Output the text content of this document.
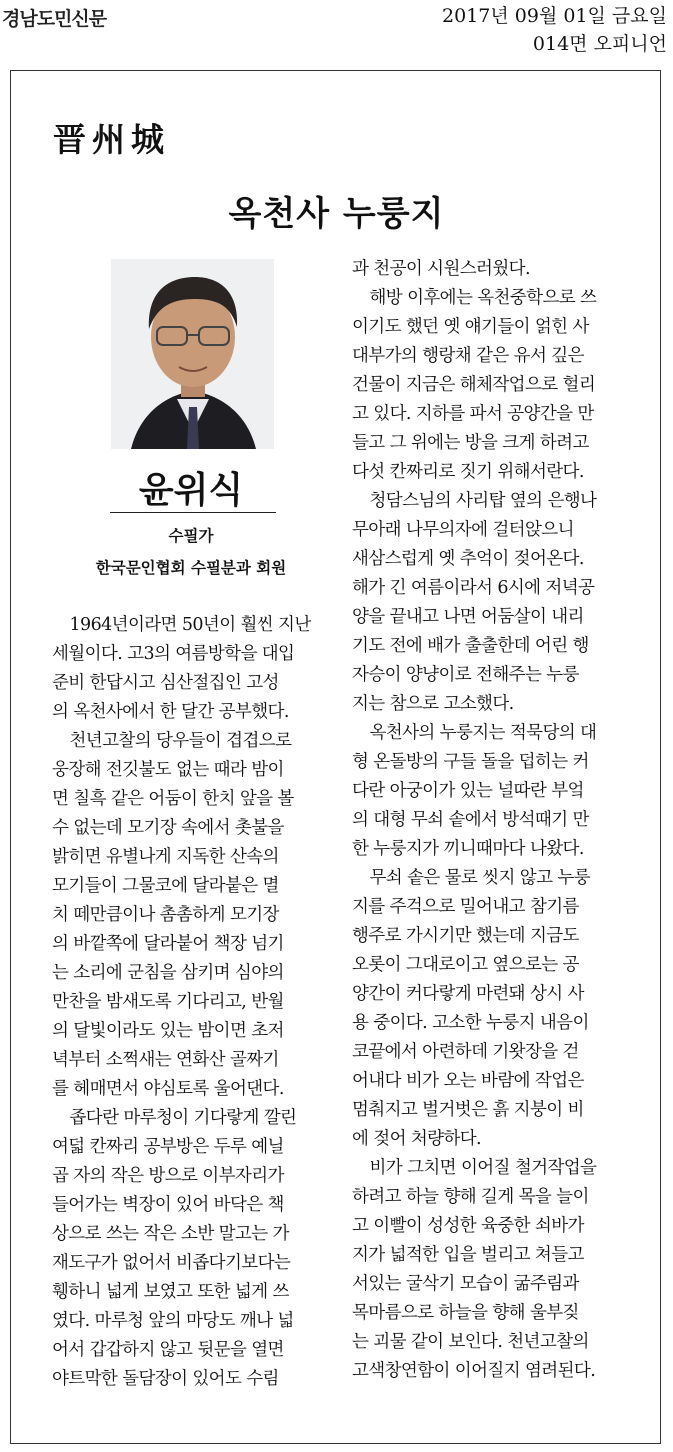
경남도민신문	2017년 09월 01일 금요일
014면 오피니언
晋州城
옥천사 누룽지
윤위식
수필가
한국문인협회 수필분과 회원

1964년이라면 50년이 훨씬 지난

세월이다. 고3의 여름방학을 대입

준비 한답시고 심산절집인 고성

의 옥천사에서 한 달간 공부했다.

천년고찰의 당우들이 겹겹으로

웅장해 전깃불도 없는 때라 밤이

면 칠흑 같은 어둠이 한치 앞을 볼

수 없는데 모기장 속에서 촛불을

밝히면 유별나게 지독한 산속의

모기들이 그물코에 달라붙은 멸

치 떼만큼이나 촘촘하게 모기장

의 바깥쪽에 달라붙어 책장 넘기

는 소리에 군침을 삼키며 심야의

만찬을 밤새도록 기다리고, 반월

의 달빛이라도 있는 밤이면 초저

녁부터 소쩍새는 연화산 골짜기

를 헤매면서 야심토록 울어댄다.

좁다란 마루청이 기다랗게 깔린

여덟 칸짜리 공부방은 두루 예닐

곱 자의 작은 방으로 이부자리가

들어가는 벽장이 있어 바닥은 책

상으로 쓰는 작은 소반 말고는 가

재도구가 없어서 비좁다기보다는

휑하니 넓게 보였고 또한 넓게 쓰

였다. 마루청 앞의 마당도 깨나 넓

어서 갑갑하지 않고 뒷문을 열면

야트막한 돌담장이 있어도 수림

과 천공이 시원스러웠다.

해방 이후에는 옥천중학으로 쓰

이기도 했던 옛 얘기들이 얽힌 사

대부가의 행랑채 같은 유서 깊은

건물이 지금은 해체작업으로 헐리

고 있다. 지하를 파서 공양간을 만

들고 그 위에는 방을 크게 하려고

다섯 칸짜리로 짓기 위해서란다.

청담스님의 사리탑 옆의 은행나

무아래 나무의자에 걸터앉으니

새삼스럽게 옛 추억이 젖어온다.

해가 긴 여름이라서 6시에 저녁공

양을 끝내고 나면 어둠살이 내리

기도 전에 배가 출출한데 어린 행

자승이 양냥이로 전해주는 누룽

지는 참으로 고소했다.

옥천사의 누룽지는 적묵당의 대

형 온돌방의 구들 돌을 덥히는 커

다란 아궁이가 있는 널따란 부엌

의 대형 무쇠 솥에서 방석때기 만

한 누룽지가 끼니때마다 나왔다.

무쇠 솥은 물로 씻지 않고 누룽

지를 주걱으로 밀어내고 참기름

행주로 가시기만 했는데 지금도

오롯이 그대로이고 옆으로는 공

양간이 커다랗게 마련돼 상시 사

용 중이다. 고소한 누룽지 내음이

코끝에서 아련하데 기왓장을 걷

어내다 비가 오는 바람에 작업은

멈춰지고 벌거벗은 흙 지붕이 비

에 젖어 처량하다.

비가 그치면 이어질 철거작업을

하려고 하늘 향해 길게 목을 늘이

고 이빨이 성성한 육중한 쇠바가

지가 넓적한 입을 벌리고 쳐들고

서있는 굴삭기 모습이 굶주림과

목마름으로 하늘을 향해 울부짖

는 괴물 같이 보인다. 천년고찰의

고색창연함이 이어질지 염려된다.
